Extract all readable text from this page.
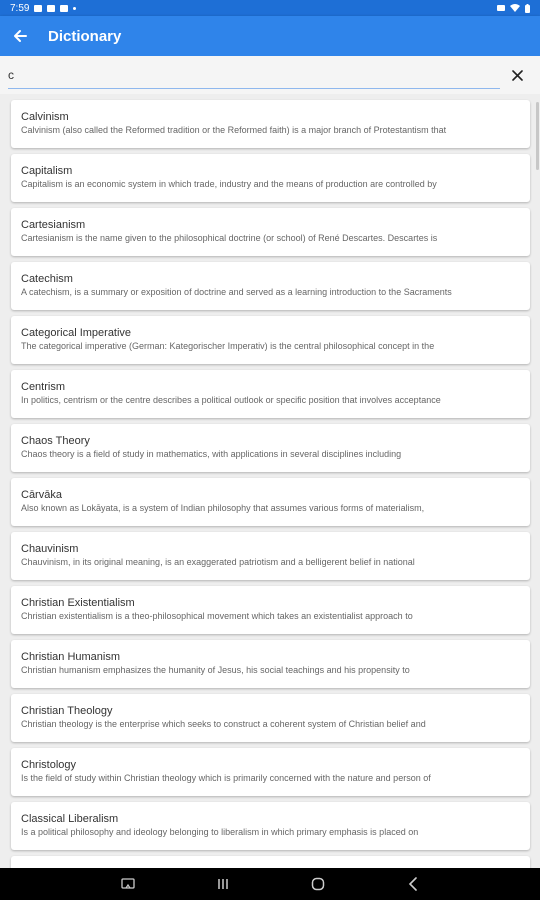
7:59
Dictionary
c
Calvinism
Calvinism (also called the Reformed tradition or the Reformed faith) is a major branch of Protestantism that
Capitalism
Capitalism is an economic system in which trade, industry and the means of production are controlled by
Cartesianism
Cartesianism is the name given to the philosophical doctrine (or school) of René Descartes. Descartes is
Catechism
A catechism, is a summary or exposition of doctrine and served as a learning introduction to the Sacraments
Categorical Imperative
The categorical imperative (German: Kategorischer Imperativ) is the central philosophical concept in the
Centrism
In politics, centrism or the centre describes a political outlook or specific position that involves acceptance
Chaos Theory
Chaos theory is a field of study in mathematics, with applications in several disciplines including
Cārvāka
Also known as Lokāyata, is a system of Indian philosophy that assumes various forms of materialism,
Chauvinism
Chauvinism, in its original meaning, is an exaggerated patriotism and a belligerent belief in national
Christian Existentialism
Christian existentialism is a theo-philosophical movement which takes an existentialist approach to
Christian Humanism
Christian humanism emphasizes the humanity of Jesus, his social teachings and his propensity to
Christian Theology
Christian theology is the enterprise which seeks to construct a coherent system of Christian belief and
Christology
Is the field of study within Christian theology which is primarily concerned with the nature and person of
Classical Liberalism
Is a political philosophy and ideology belonging to liberalism in which primary emphasis is placed on
